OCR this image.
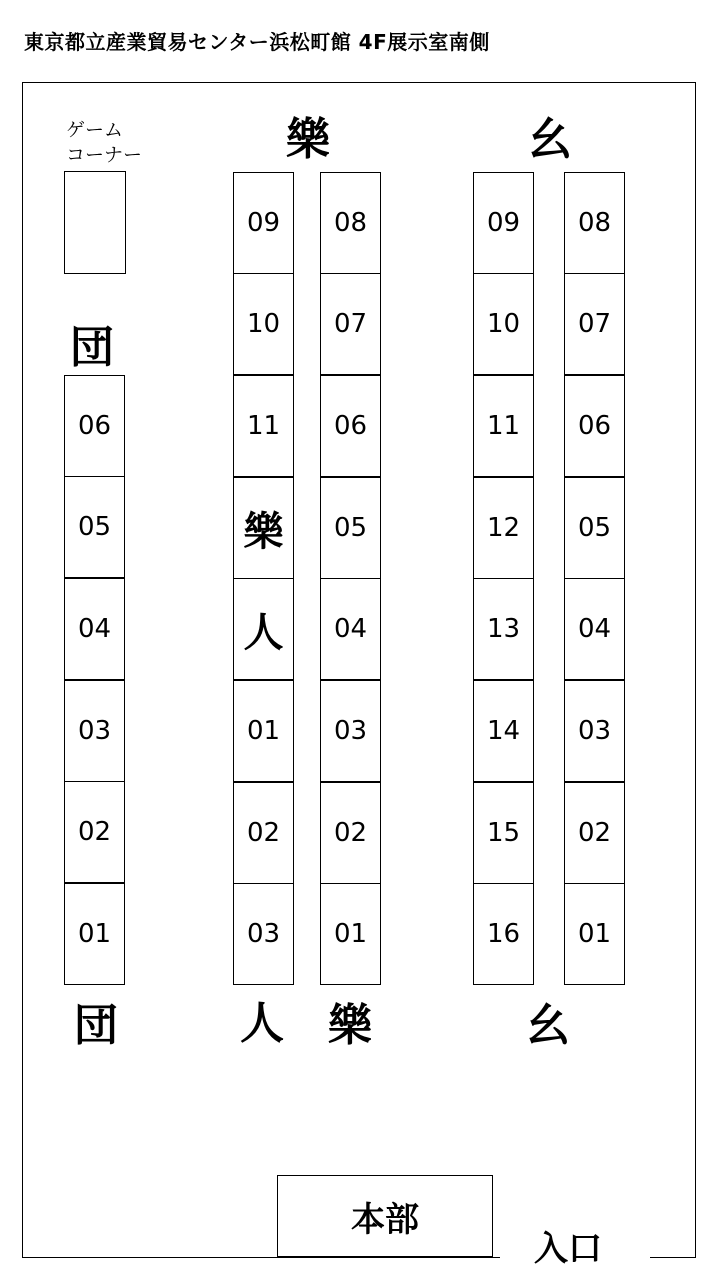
東京都立産業貿易センター浜松町館 4F展示室南側
ゲーム
コーナー
団
樂	幺
団	人 樂	幺
06
05
04
03
02
01
09
10
11
樂
人
01
02
03
08
07
06
05
04
03
02
01
09
10
11
12
13
14
15
16
08
07
06
05
04
03
02
01
本部
入口
